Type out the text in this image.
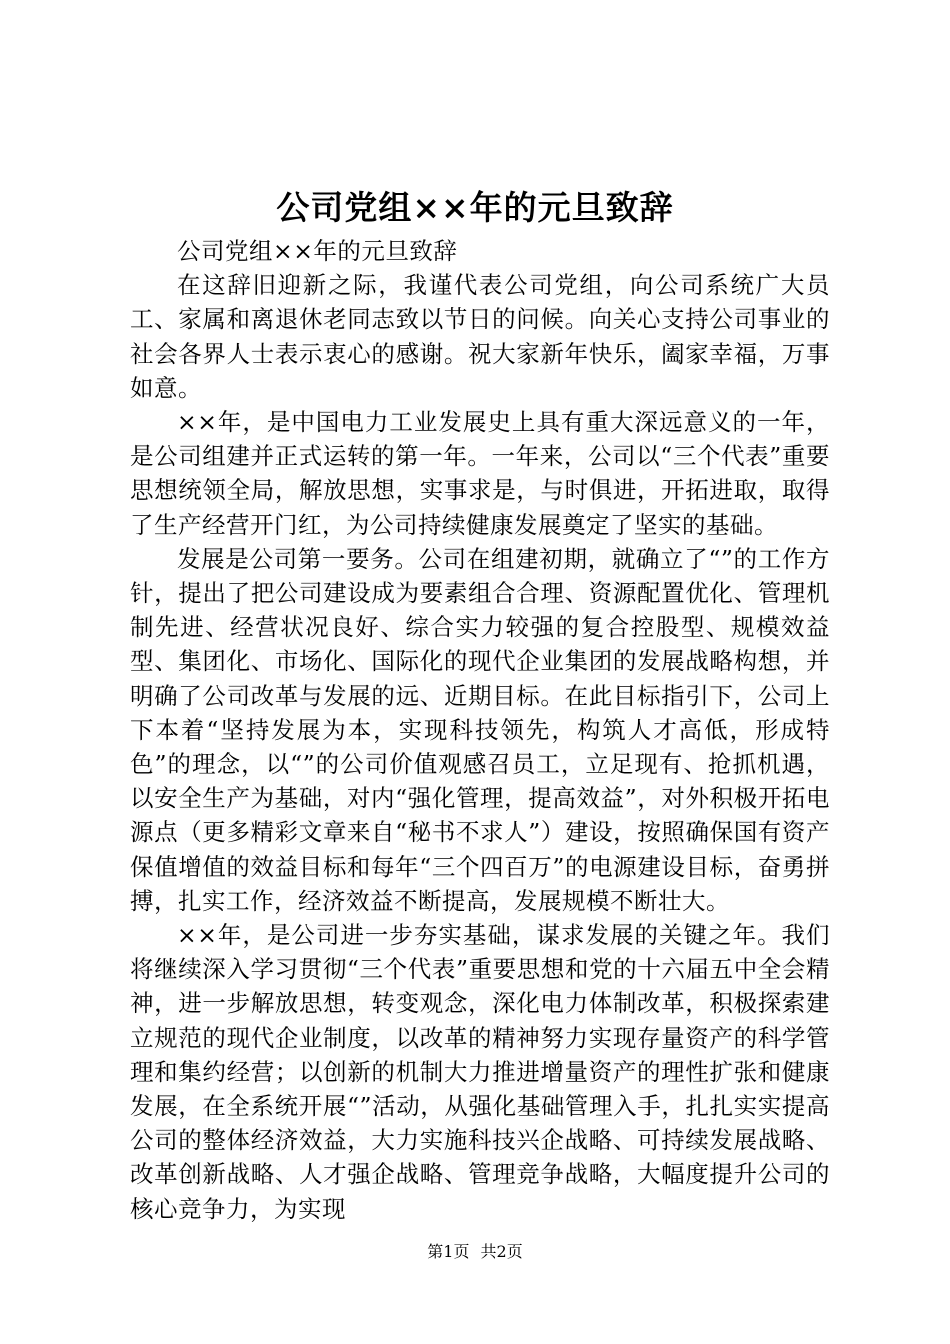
公司党组××年的元旦致辞

公司党组××年的元旦致辞

在这辞旧迎新之际，我谨代表公司党组，向公司系统广大员工、家属和离退休老同志致以节日的问候。向关心支持公司事业的社会各界人士表示衷心的感谢。祝大家新年快乐，阖家幸福，万事如意。

××年，是中国电力工业发展史上具有重大深远意义的一年，是公司组建并正式运转的第一年。一年来，公司以“三个代表”重要思想统领全局，解放思想，实事求是，与时俱进，开拓进取，取得了生产经营开门红，为公司持续健康发展奠定了坚实的基础。

发展是公司第一要务。公司在组建初期，就确立了“”的工作方针，提出了把公司建设成为要素组合合理、资源配置优化、管理机制先进、经营状况良好、综合实力较强的复合控股型、规模效益型、集团化、市场化、国际化的现代企业集团的发展战略构想，并明确了公司改革与发展的远、近期目标。在此目标指引下，公司上下本着“坚持发展为本，实现科技领先，构筑人才高低，形成特色”的理念，以“”的公司价值观感召员工，立足现有、抢抓机遇，以安全生产为基础，对内“强化管理，提高效益”，对外积极开拓电源点（更多精彩文章来自“秘书不求人”）建设，按照确保国有资产保值增值的效益目标和每年“三个四百万”的电源建设目标，奋勇拼搏，扎实工作，经济效益不断提高，发展规模不断壮大。

××年，是公司进一步夯实基础，谋求发展的关键之年。我们将继续深入学习贯彻“三个代表”重要思想和党的十六届五中全会精神，进一步解放思想，转变观念，深化电力体制改革，积极探索建立规范的现代企业制度，以改革的精神努力实现存量资产的科学管理和集约经营；以创新的机制大力推进增量资产的理性扩张和健康发展，在全系统开展“”活动，从强化基础管理入手，扎扎实实提高公司的整体经济效益，大力实施科技兴企战略、可持续发展战略、改革创新战略、人才强企战略、管理竞争战略，大幅度提升公司的核心竞争力，为实现

第1页 共2页
